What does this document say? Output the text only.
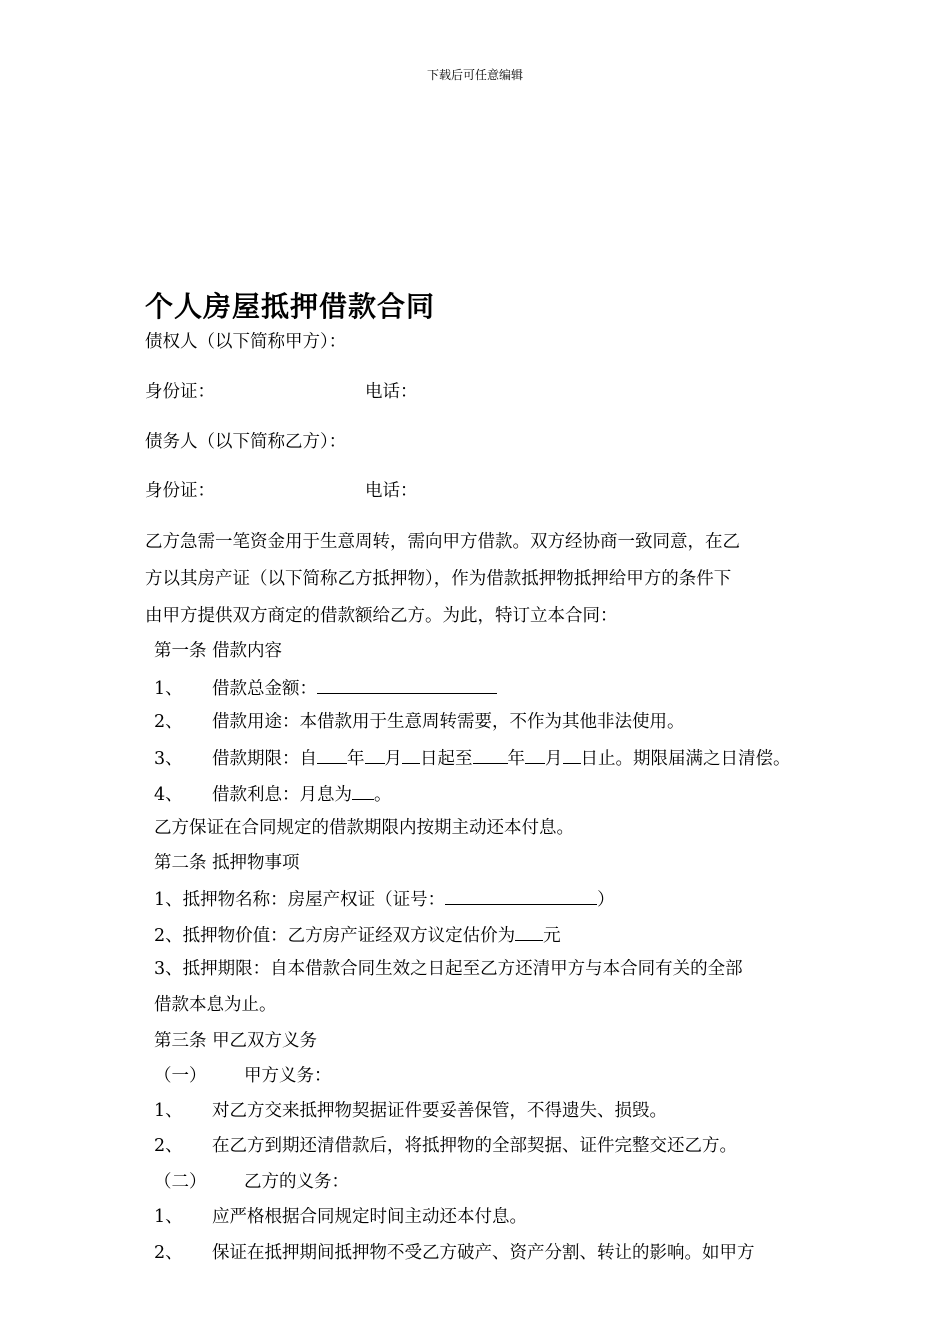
下载后可任意编辑
个人房屋抵押借款合同
债权人（以下简称甲方）：
身份证：	电话：
债务人（以下简称乙方）：
身份证：	电话：
乙方急需一笔资金用于生意周转，需向甲方借款。双方经协商一致同意，在乙
方以其房产证（以下简称乙方抵押物），作为借款抵押物抵押给甲方的条件下
由甲方提供双方商定的借款额给乙方。为此，特订立本合同：
第一条 借款内容
1、 借款总金额：
2、 借款用途：本借款用于生意周转需要，不作为其他非法使用。
3、 借款期限：自 年 月 日起至 年 月 日止。期限届满之日清偿。
4、 借款利息：月息为 。
乙方保证在合同规定的借款期限内按期主动还本付息。
第二条 抵押物事项
1、抵押物名称：房屋产权证（证号：	）
2、抵押物价值：乙方房产证经双方议定估价为 元
3、抵押期限：自本借款合同生效之日起至乙方还清甲方与本合同有关的全部
借款本息为止。
第三条 甲乙双方义务
（一） 甲方义务：
1、 对乙方交来抵押物契据证件要妥善保管，不得遗失、损毁。
2、 在乙方到期还清借款后，将抵押物的全部契据、证件完整交还乙方。
（二） 乙方的义务：
1、 应严格根据合同规定时间主动还本付息。
2、 保证在抵押期间抵押物不受乙方破产、资产分割、转让的影响。如甲方
